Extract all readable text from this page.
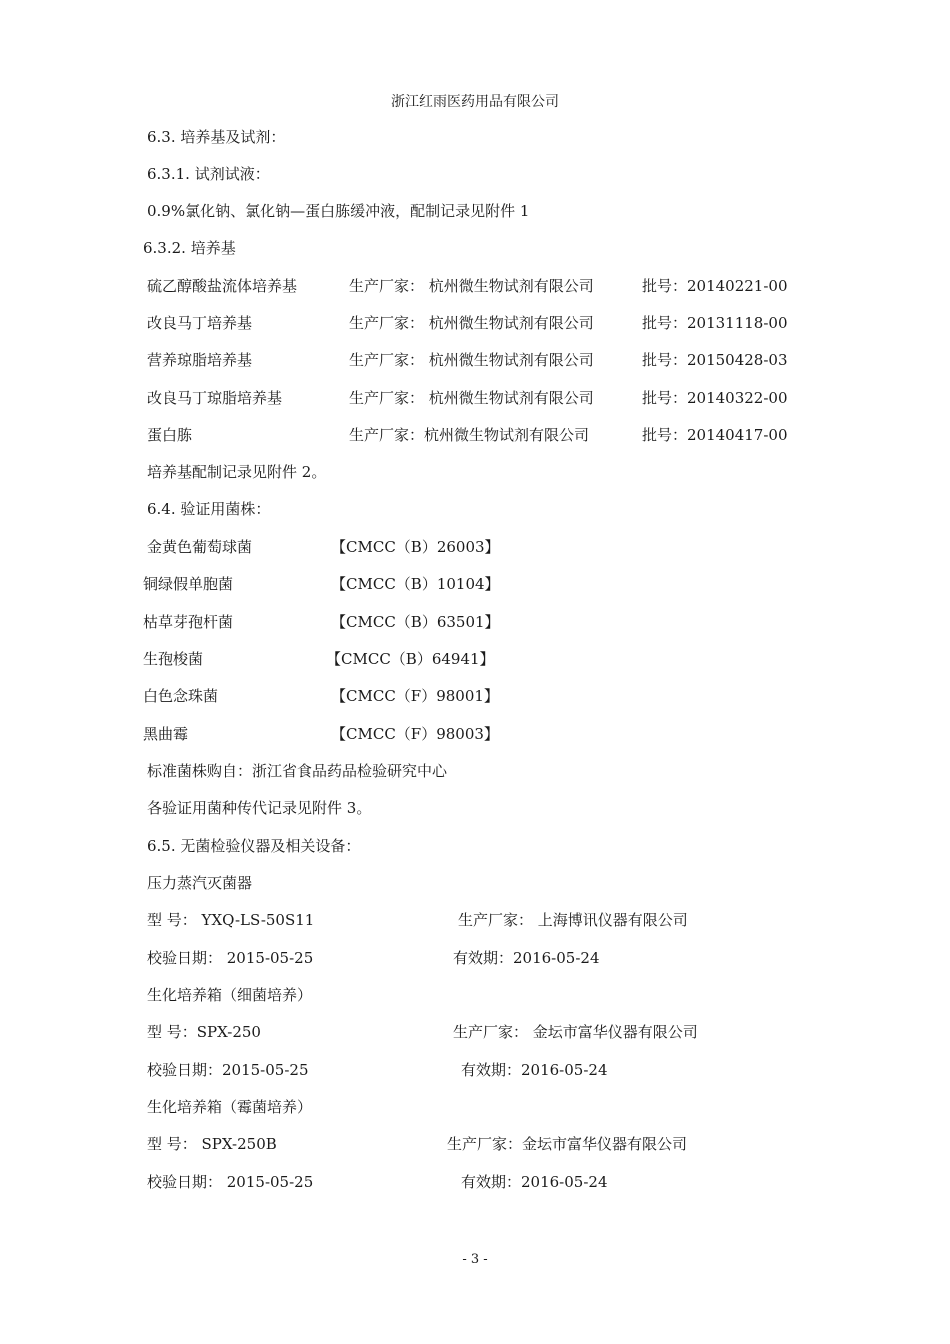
浙江红雨医药用品有限公司
6.3. 培养基及试剂：
6.3.1. 试剂试液：
0.9%氯化钠、氯化钠—蛋白胨缓冲液，配制记录见附件 1
6.3.2. 培养基
硫乙醇酸盐流体培养基	生产厂家： 杭州微生物试剂有限公司	批号：20140221-00
改良马丁培养基	生产厂家： 杭州微生物试剂有限公司	批号：20131118-00
营养琼脂培养基	生产厂家： 杭州微生物试剂有限公司	批号：20150428-03
改良马丁琼脂培养基	生产厂家： 杭州微生物试剂有限公司	批号：20140322-00
蛋白胨	生产厂家：杭州微生物试剂有限公司	批号：20140417-00
培养基配制记录见附件 2。
6.4. 验证用菌株：
金黄色葡萄球菌	【CMCC（B）26003】
铜绿假单胞菌	【CMCC（B）10104】
枯草芽孢杆菌	【CMCC（B）63501】
生孢梭菌	【CMCC（B）64941】
白色念珠菌	【CMCC（F）98001】
黑曲霉	【CMCC（F）98003】
标准菌株购自：浙江省食品药品检验研究中心
各验证用菌种传代记录见附件 3。
6.5. 无菌检验仪器及相关设备：
压力蒸汽灭菌器
型 号： YXQ-LS-50S11	生产厂家： 上海博讯仪器有限公司
校验日期： 2015-05-25	有效期：2016-05-24
生化培养箱（细菌培养）
型 号：SPX-250	生产厂家： 金坛市富华仪器有限公司
校验日期：2015-05-25	有效期：2016-05-24
生化培养箱（霉菌培养）
型 号： SPX-250B	生产厂家：金坛市富华仪器有限公司
校验日期： 2015-05-25	有效期：2016-05-24
- 3 -
